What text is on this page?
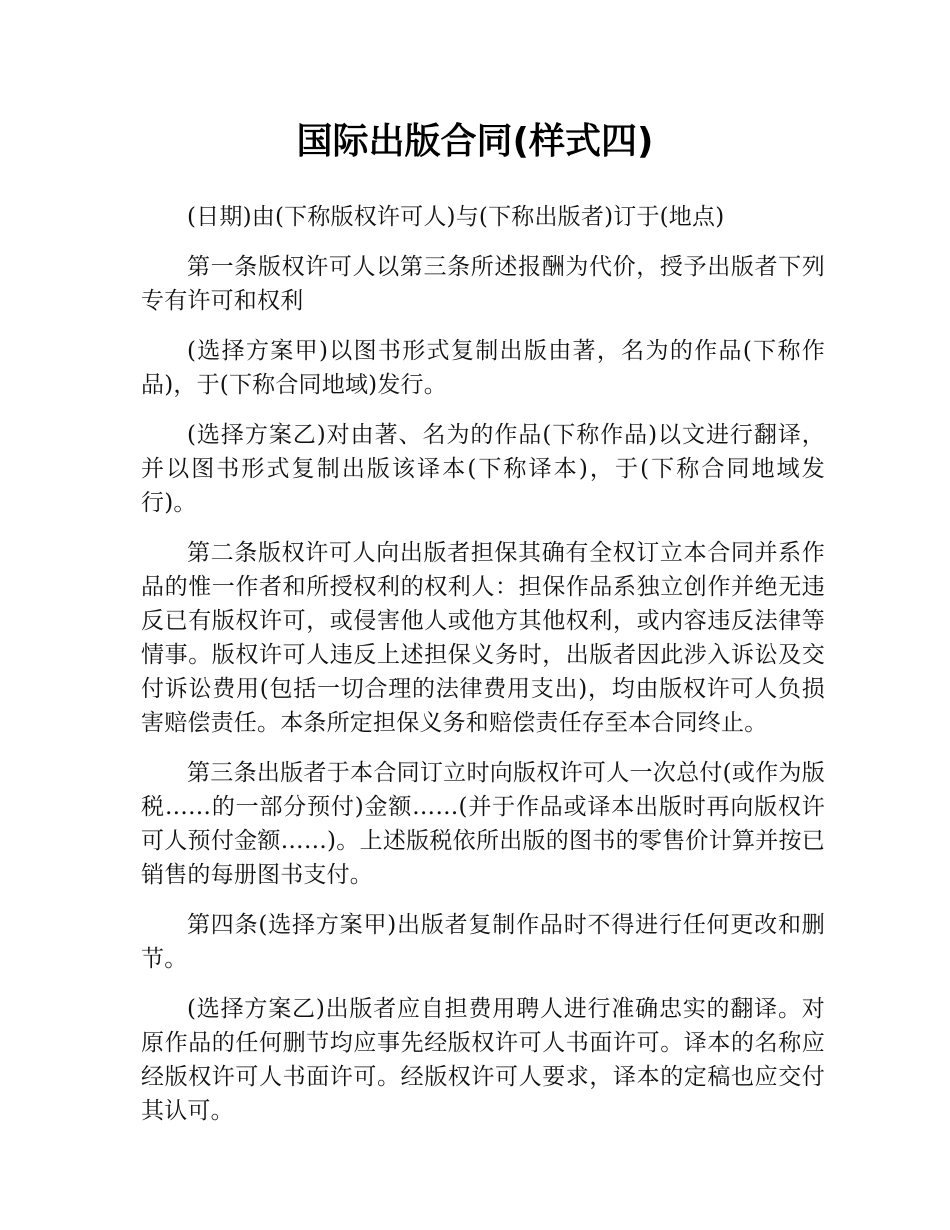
国际出版合同(样式四)

(日期)由(下称版权许可人)与(下称出版者)订于(地点)

第一条版权许可人以第三条所述报酬为代价，授予出版者下列专有许可和权利

(选择方案甲)以图书形式复制出版由著，名为的作品(下称作品)，于(下称合同地域)发行。

(选择方案乙)对由著、名为的作品(下称作品)以文进行翻译，并以图书形式复制出版该译本(下称译本)，于(下称合同地域发行)。

第二条版权许可人向出版者担保其确有全权订立本合同并系作品的惟一作者和所授权利的权利人：担保作品系独立创作并绝无违反已有版权许可，或侵害他人或他方其他权利，或内容违反法律等情事。版权许可人违反上述担保义务时，出版者因此涉入诉讼及交付诉讼费用(包括一切合理的法律费用支出)，均由版权许可人负损害赔偿责任。本条所定担保义务和赔偿责任存至本合同终止。

第三条出版者于本合同订立时向版权许可人一次总付(或作为版税……的一部分预付)金额……(并于作品或译本出版时再向版权许可人预付金额……)。上述版税依所出版的图书的零售价计算并按已销售的每册图书支付。

第四条(选择方案甲)出版者复制作品时不得进行任何更改和删节。

(选择方案乙)出版者应自担费用聘人进行准确忠实的翻译。对原作品的任何删节均应事先经版权许可人书面许可。译本的名称应经版权许可人书面许可。经版权许可人要求，译本的定稿也应交付其认可。
